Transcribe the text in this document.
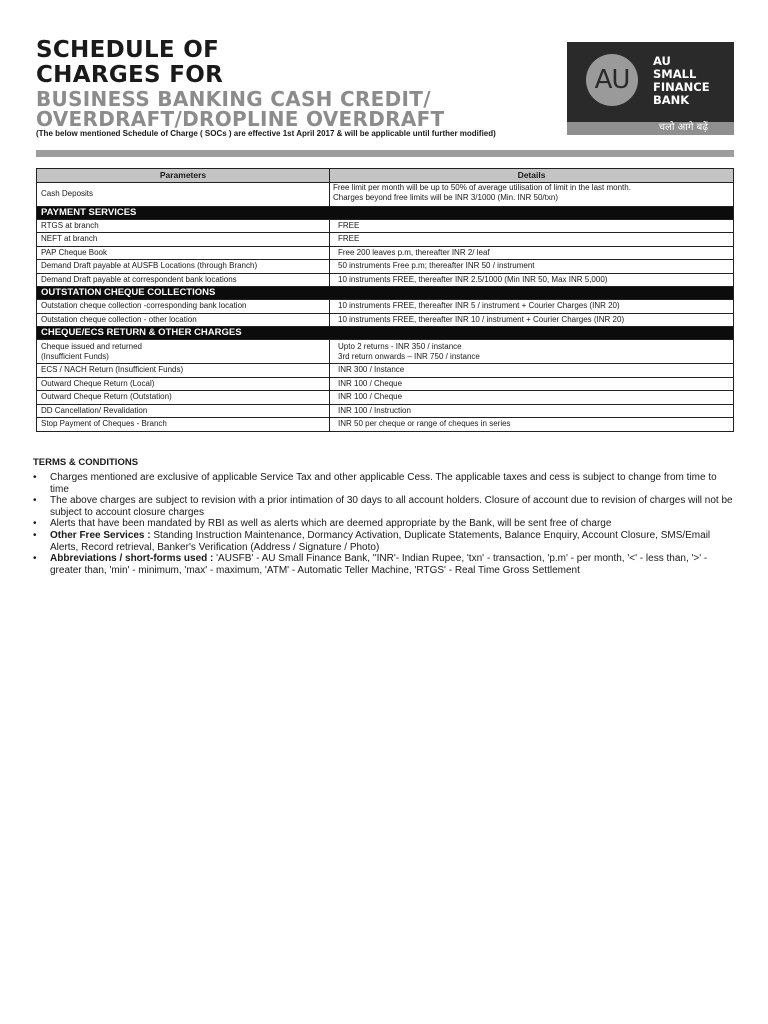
SCHEDULE OF
CHARGES FOR
BUSINESS BANKING CASH CREDIT/
OVERDRAFT/DROPLINE OVERDRAFT
(The below mentioned Schedule of Charge ( SOCs ) are effective 1st April 2017 & will be applicable until further modified)
AU
AU
SMALL
FINANCE
BANK
चलो आगे बढ़ें
Parameters	Details
Cash Deposits	Free limit per month will be up to 50% of average utilisation of limit in the last month.
Charges beyond free limits will be INR 3/1000 (Min. INR 50/txn)
PAYMENT SERVICES	
RTGS at branch	FREE
NEFT at branch	FREE
PAP Cheque Book	Free 200 leaves p.m, thereafter INR 2/ leaf
Demand Draft payable at AUSFB Locations (through Branch)	50 instruments Free p.m; thereafter INR 50 / instrument
Demand Draft payable at correspondent bank locations	10 instruments FREE, thereafter INR 2.5/1000 (Min INR 50, Max INR 5,000)
OUTSTATION CHEQUE COLLECTIONS	
Outstation cheque collection -corresponding bank location	10 instruments FREE, thereafter INR 5 / instrument + Courier Charges (INR 20)
Outstation cheque collection - other location	10 instruments FREE, thereafter INR 10 / instrument + Courier Charges (INR 20)
CHEQUE/ECS RETURN & OTHER CHARGES	
Cheque issued and returned
(Insufficient Funds)	Upto 2 returns - INR 350 / instance
3rd return onwards – INR 750 / instance
ECS / NACH Return (Insufficient Funds)	INR 300 / Instance
Outward Cheque Return (Local)	INR 100 / Cheque
Outward Cheque Return (Outstation)	INR 100 / Cheque
DD Cancellation/ Revalidation	INR 100 / Instruction
Stop Payment of Cheques - Branch	INR 50 per cheque or range of cheques in series
TERMS & CONDITIONS
• Charges mentioned are exclusive of applicable Service Tax and other applicable Cess. The applicable taxes and cess is subject to change from time to time
• The above charges are subject to revision with a prior intimation of 30 days to all account holders. Closure of account due to revision of charges will not be subject to account closure charges
• Alerts that have been mandated by RBI as well as alerts which are deemed appropriate by the Bank, will be sent free of charge
• Other Free Services : Standing Instruction Maintenance, Dormancy Activation, Duplicate Statements, Balance Enquiry, Account Closure, SMS/Email Alerts, Record retrieval, Banker's Verification (Address / Signature / Photo)
• Abbreviations / short-forms used : 'AUSFB' - AU Small Finance Bank, ''INR'- Indian Rupee, 'txn' - transaction, 'p.m' - per month, '<' - less than, '>' - greater than, 'min' - minimum, 'max' - maximum, 'ATM' - Automatic Teller Machine, 'RTGS' - Real Time Gross Settlement
